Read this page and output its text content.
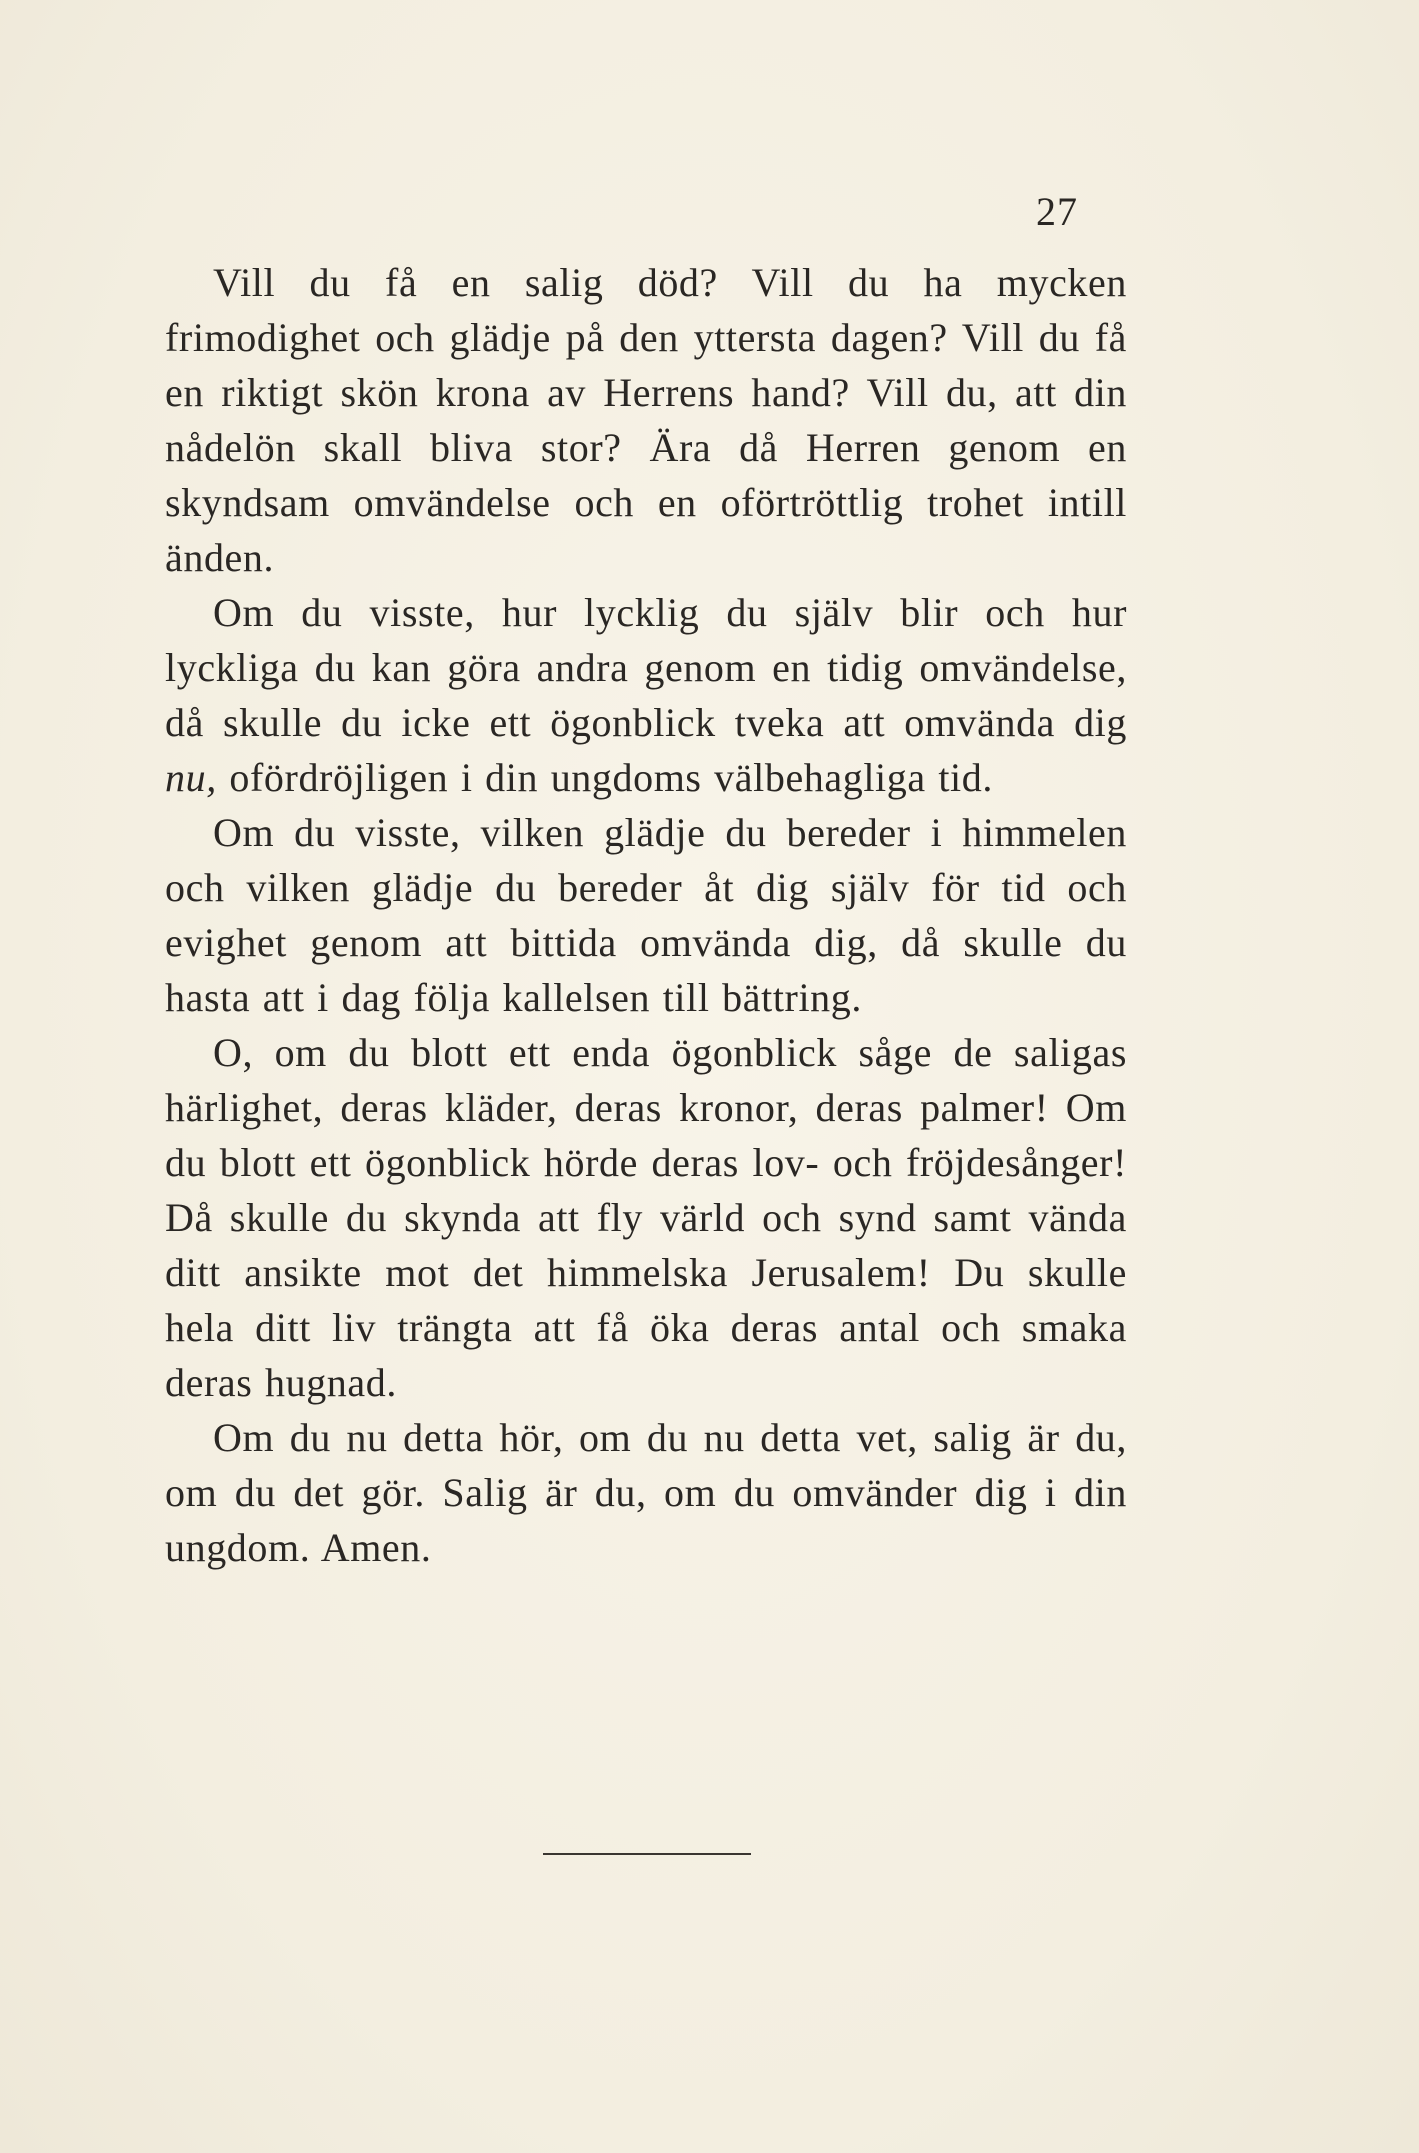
27

Vill du få en salig död? Vill du ha mycken frimodighet och glädje på den yttersta dagen? Vill du få en riktigt skön krona av Herrens hand? Vill du, att din nådelön skall bliva stor? Ära då Herren genom en skyndsam omvändelse och en oförtröttlig trohet intill änden.

Om du visste, hur lycklig du själv blir och hur lyckliga du kan göra andra genom en tidig omvändelse, då skulle du icke ett ögonblick tveka att omvända dig nu, ofördröjligen i din ungdoms välbehagliga tid.

Om du visste, vilken glädje du bereder i himmelen och vilken glädje du bereder åt dig själv för tid och evighet genom att bittida omvända dig, då skulle du hasta att i dag följa kallelsen till bättring.

O, om du blott ett enda ögonblick såge de saligas härlighet, deras kläder, deras kronor, deras palmer! Om du blott ett ögonblick hörde deras lov- och fröjdesånger! Då skulle du skynda att fly värld och synd samt vända ditt ansikte mot det himmelska Jerusalem! Du skulle hela ditt liv trängta att få öka deras antal och smaka deras hugnad.

Om du nu detta hör, om du nu detta vet, salig är du, om du det gör. Salig är du, om du omvänder dig i din ungdom. Amen.
